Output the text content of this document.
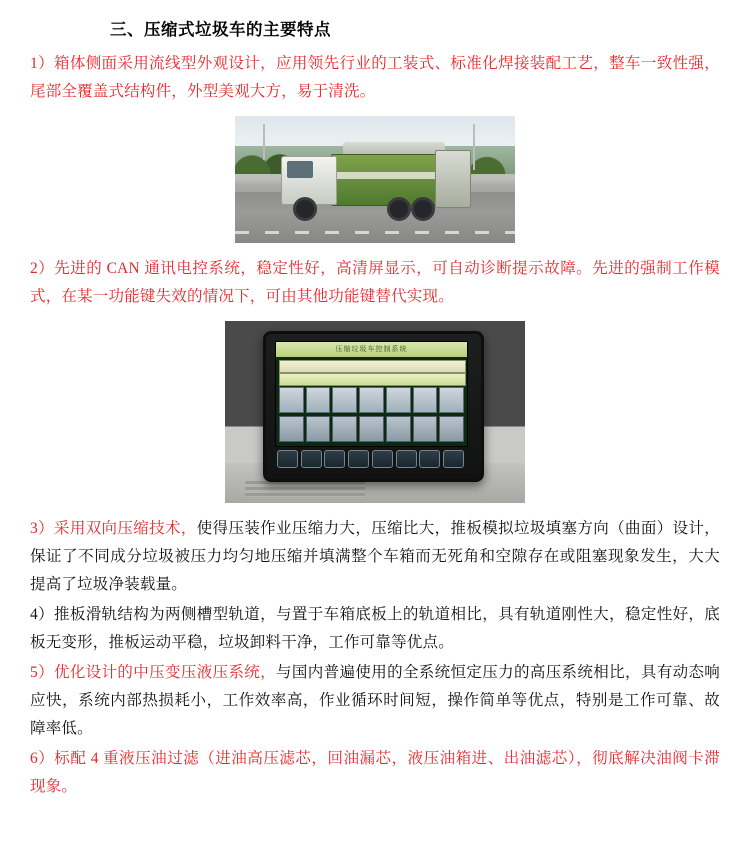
三、压缩式垃圾车的主要特点

1）箱体侧面采用流线型外观设计，应用领先行业的工装式、标准化焊接装配工艺，整车一致性强，尾部全覆盖式结构件，外型美观大方，易于清洗。

2）先进的 CAN 通讯电控系统，稳定性好，高清屏显示，可自动诊断提示故障。先进的强制工作模式，在某一功能键失效的情况下，可由其他功能键替代实现。

压缩垃圾车控制系统

3）采用双向压缩技术，使得压装作业压缩力大，压缩比大，推板模拟垃圾填塞方向（曲面）设计，保证了不同成分垃圾被压力均匀地压缩并填满整个车箱而无死角和空隙存在或阻塞现象发生，大大提高了垃圾净装载量。

4）推板滑轨结构为两侧槽型轨道，与置于车箱底板上的轨道相比，具有轨道刚性大，稳定性好，底板无变形，推板运动平稳，垃圾卸料干净，工作可靠等优点。

5）优化设计的中压变压液压系统，与国内普遍使用的全系统恒定压力的高压系统相比，具有动态响应快，系统内部热损耗小，工作效率高，作业循环时间短，操作简单等优点，特别是工作可靠、故障率低。

6）标配 4 重液压油过滤（进油高压滤芯，回油漏芯，液压油箱进、出油滤芯），彻底解决油阀卡滞现象。
